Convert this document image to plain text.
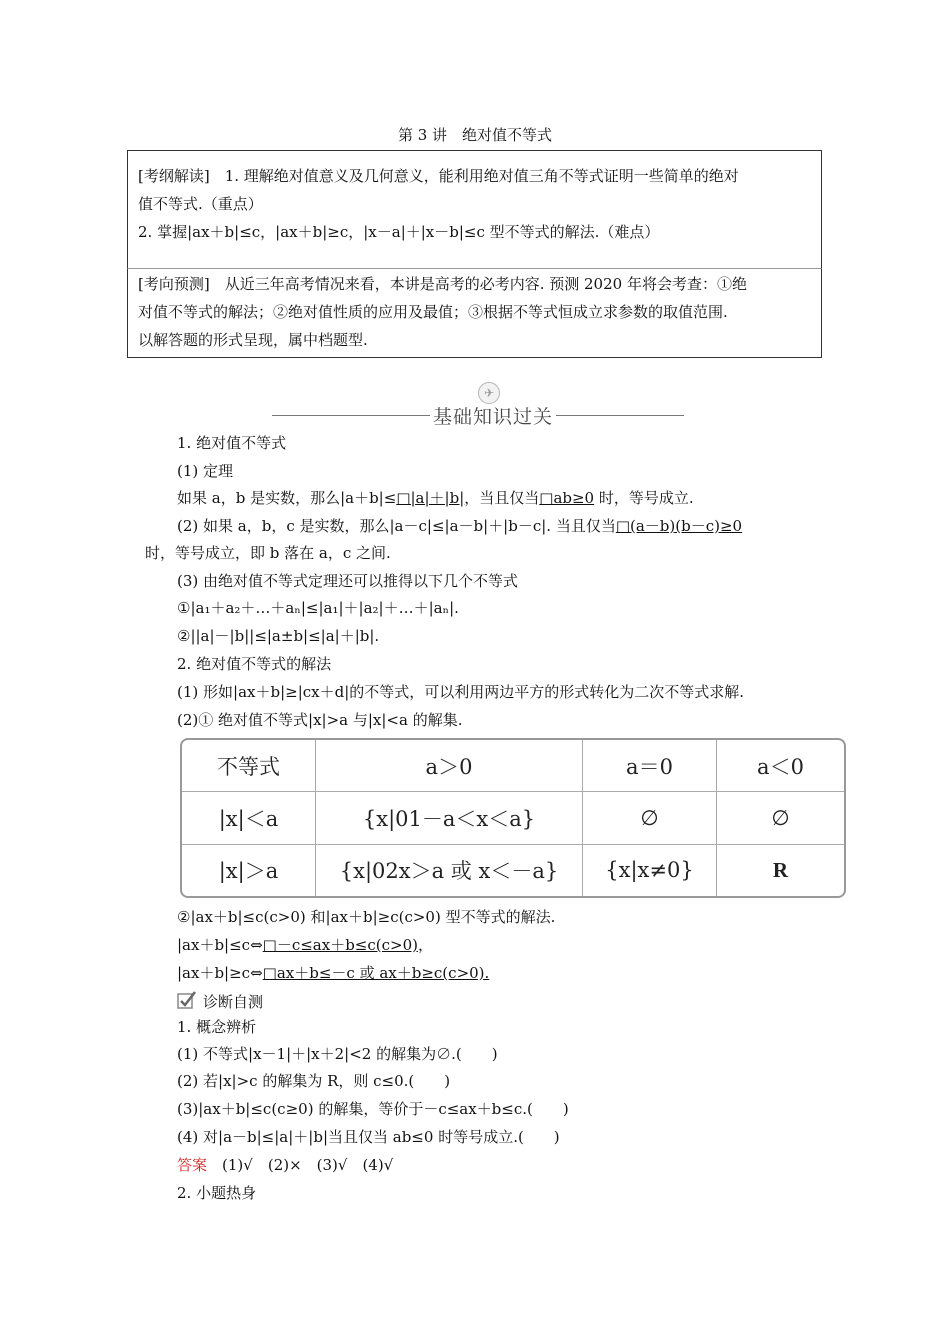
第 3 讲　绝对值不等式
[考纲解读]　1. 理解绝对值意义及几何意义，能利用绝对值三角不等式证明一些简单的绝对
值不等式.（重点）
2. 掌握|ax＋b|≤c，|ax＋b|≥c，|x－a|＋|x－b|≤c 型不等式的解法.（难点）
[考向预测]　从近三年高考情况来看，本讲是高考的必考内容. 预测 2020 年将会考查：①绝
对值不等式的解法；②绝对值性质的应用及最值；③根据不等式恒成立求参数的取值范围.
以解答题的形式呈现，属中档题型.
✈
基础知识过关
1. 绝对值不等式
(1) 定理
如果 a，b 是实数，那么|a＋b|≤□|a|＋|b|，当且仅当□ab≥0 时，等号成立.
(2) 如果 a，b，c 是实数，那么|a－c|≤|a－b|＋|b－c|. 当且仅当□(a－b)(b－c)≥0
时，等号成立，即 b 落在 a，c 之间.
(3) 由绝对值不等式定理还可以推得以下几个不等式
①|a₁＋a₂＋…＋aₙ|≤|a₁|＋|a₂|＋…＋|aₙ|.
②||a|－|b||≤|a±b|≤|a|＋|b|.
2. 绝对值不等式的解法
(1) 形如|ax＋b|≥|cx＋d|的不等式，可以利用两边平方的形式转化为二次不等式求解.
(2)① 绝对值不等式|x|>a 与|x|<a 的解集.
不等式	a＞0	a＝0	a＜0
|x|＜a	{x|01－a＜x＜a}	∅	∅
|x|＞a	{x|02x＞a 或 x＜－a}	{x|x≠0}	R
②|ax＋b|≤c(c>0) 和|ax＋b|≥c(c>0) 型不等式的解法.
|ax＋b|≤c⇔□－c≤ax＋b≤c(c>0)，
|ax＋b|≥c⇔□ax＋b≤－c 或 ax＋b≥c(c>0).
诊断自测
1. 概念辨析
(1) 不等式|x－1|＋|x＋2|<2 的解集为∅.(　　)
(2) 若|x|>c 的解集为 R，则 c≤0.(　　)
(3)|ax＋b|≤c(c≥0) 的解集，等价于－c≤ax＋b≤c.(　　)
(4) 对|a－b|≤|a|＋|b|当且仅当 ab≤0 时等号成立.(　　)
答案　 (1)√　(2)×　(3)√　(4)√
2. 小题热身
